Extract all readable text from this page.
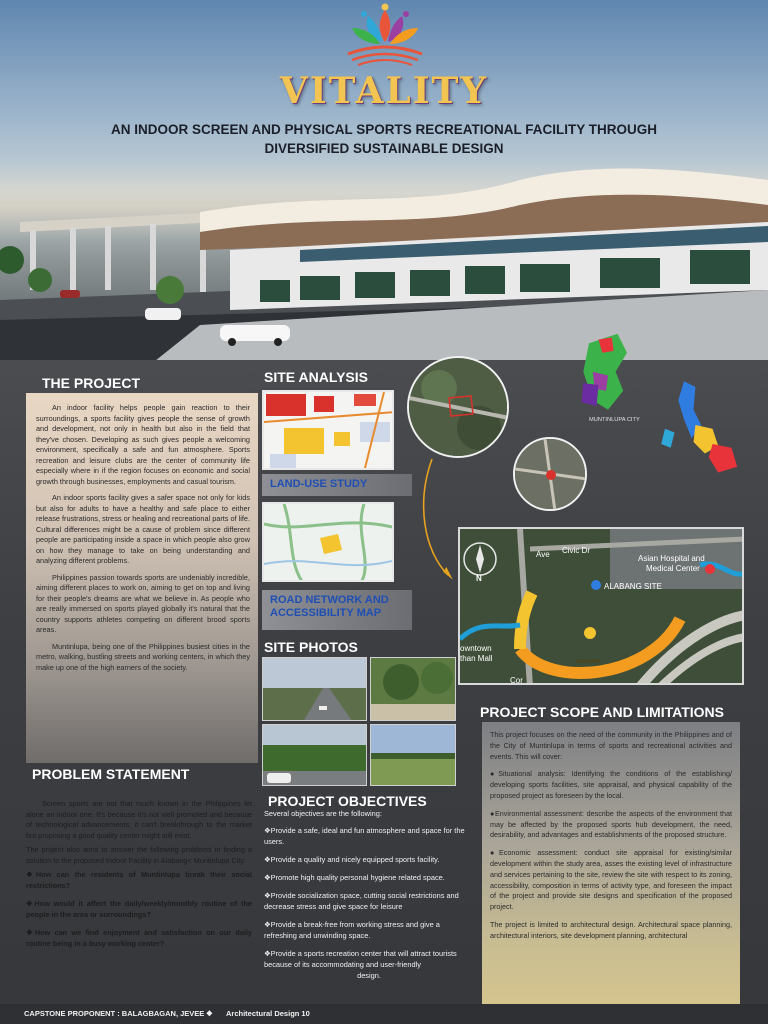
VITALITY
AN INDOOR SCREEN AND PHYSICAL SPORTS RECREATIONAL FACILITY THROUGH
DIVERSIFIED SUSTAINABLE DESIGN
THE PROJECT

An indoor facility helps people gain reaction to their surroundings, a sports facility gives people the sense of growth and development, not only in health but also in the field that they've chosen. Developing as such gives people a welcoming environment, specifically a safe and fun atmosphere. Sports recreation and leisure clubs are the center of community life especially where in if the region focuses on economic and social growth through businesses, employments and casual tourism.

An indoor sports facility gives a safer space not only for kids but also for adults to have a healthy and safe place to either release frustrations, stress or healing and recreational parts of life. Cultural differences might be a cause of problem since different people are participating inside a space in which people also grow on how they manage to take on being understanding and analyzing different problems.

Philippines passion towards sports are undeniably incredible, aiming different places to work on, aiming to get on top and living for their people's dreams are what we believe in. As people who are really immersed on sports played globally it's natural that the country supports athletes competing on different brood sports areas.

Muntinlupa, being one of the Philippines busiest cities in the metro, walking, bustling streets and working centers, in which they make up one of the high earners of the society.

PROBLEM STATEMENT

Screen sports are not that much known in the Philippines let alone an indoor one. It's because it's not well promoted and because of technological advancements, it can't breakthrough to the market but proposing a good quality center might still exist.

The project also aims to answer the following problems in finding a solution to the proposed Indoor Facility in Alabang< Muntinlupa City.

❖How can the residents of Muntinlupa break their social restrictions?

❖How would it affect the daily/weekly/monthly routine of the people in the area or surroundings?

❖How can we find enjoyment and satisfaction on our daily routine being in a busy working center?

SITE ANALYSIS
LAND-USE STUDY
ROAD NETWORK AND
ACCESSIBILITY MAP
MUNTINLUPA CITY
SITE PHOTOS
N
Ave Civic Dr
Asian Hospital and
Medical Center
ALABANG SITE
owntown
than Mall
Cor
SUN PATH
PROJECT OBJECTIVES

Several objectives are the following:

❖Provide a safe, ideal and fun atmosphere and space for the users.

❖Provide a quality and nicely equipped sports facility.

❖Promote high quality personal hygiene related space.

❖Provide socialization space, cutting social restrictions and decrease stress and give space for leisure

❖Provide a break-free from working stress and give a refreshing and unwinding space.

❖Provide a sports recreation center that will attract tourists because of its accommodating and user-friendly

design.

PROJECT SCOPE AND LIMITATIONS

This project focuses on the need of the community in the Philippines and of the City of Muntinlupa in terms of sports and recreational activities and events. This will cover:

●Situational analysis: Identifying the conditions of the establishing/ developing sports facilities, site appraisal, and physical capability of the proposed project as foreseen by the local.

●Environmental assessment: describe the aspects of the environment that may be affected by the proposed sports hub development, the need, desirability, and advantages and establishments of the proposed structure.

●Economic assessment: conduct site appraisal for existing/similar development within the study area, asses the existing level of infrastructure and services pertaining to the site, review the site with respect to its zoning, accessibility, composition in terms of activity type, and foreseen the impact of the project and provide site designs and specification of the proposed project.

The project is limited to architectural design. Architectural space planning, architectural interiors, site development planning, architectural

CAPSTONE PROPONENT : BALAGBAGAN, JEVEE ❖ Architectural Design 10
